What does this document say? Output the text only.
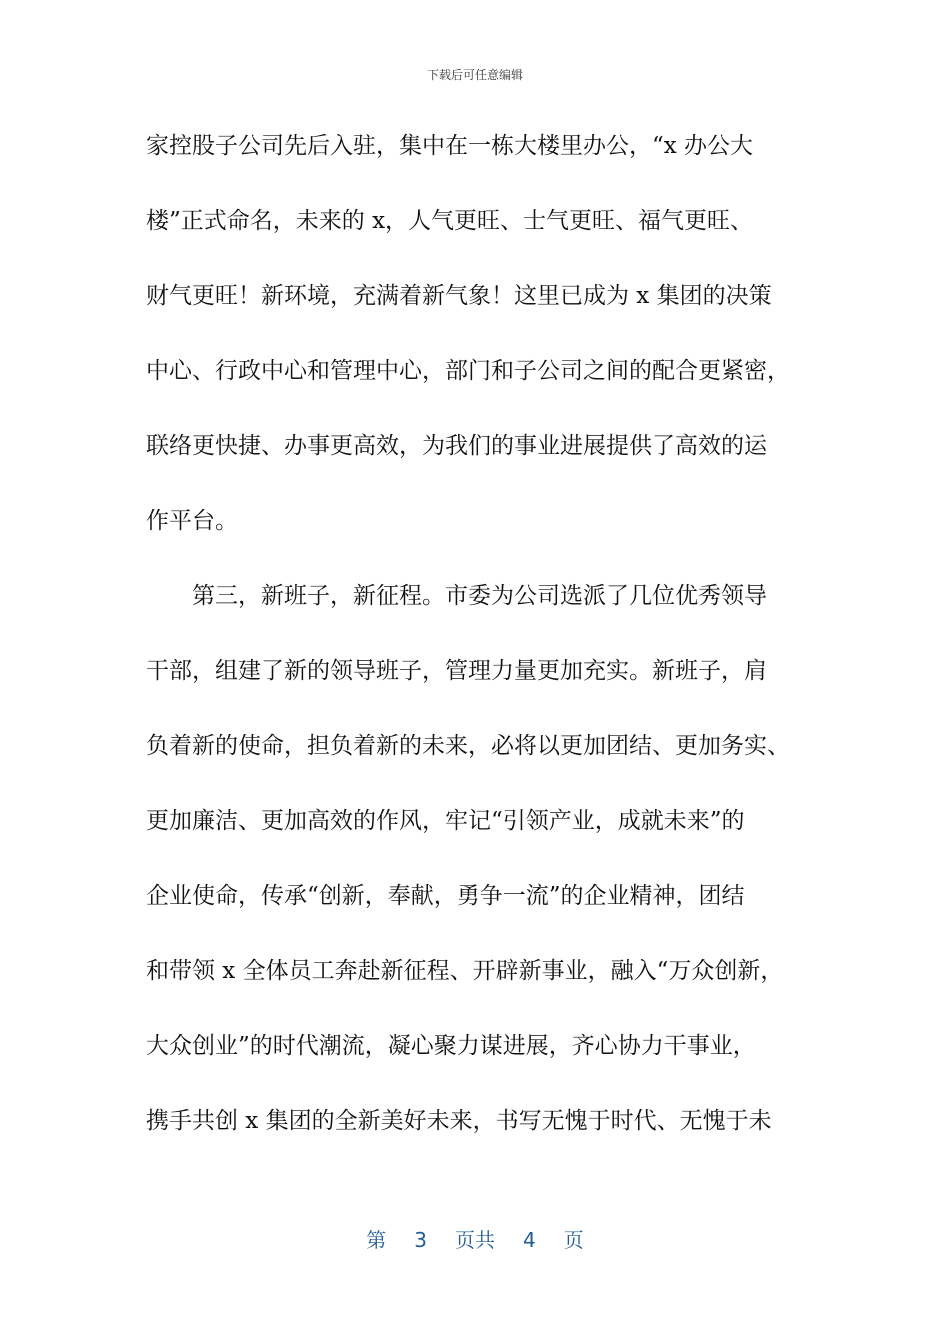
下载后可任意编辑
家控股子公司先后入驻，集中在一栋大楼里办公，“x 办公大
楼”正式命名，未来的 x，人气更旺、士气更旺、福气更旺、
财气更旺！新环境，充满着新气象！这里已成为 x 集团的决策
中心、行政中心和管理中心，部门和子公司之间的配合更紧密，
联络更快捷、办事更高效，为我们的事业进展提供了高效的运
作平台。
第三，新班子，新征程。市委为公司选派了几位优秀领导
干部，组建了新的领导班子，管理力量更加充实。新班子，肩
负着新的使命，担负着新的未来，必将以更加团结、更加务实、
更加廉洁、更加高效的作风，牢记“引领产业，成就未来”的
企业使命，传承“创新，奉献，勇争一流”的企业精神，团结
和带领 x 全体员工奔赴新征程、开辟新事业，融入“万众创新，
大众创业”的时代潮流，凝心聚力谋进展，齐心协力干事业，
携手共创 x 集团的全新美好未来，书写无愧于时代、无愧于未
第 3 页共 4 页
